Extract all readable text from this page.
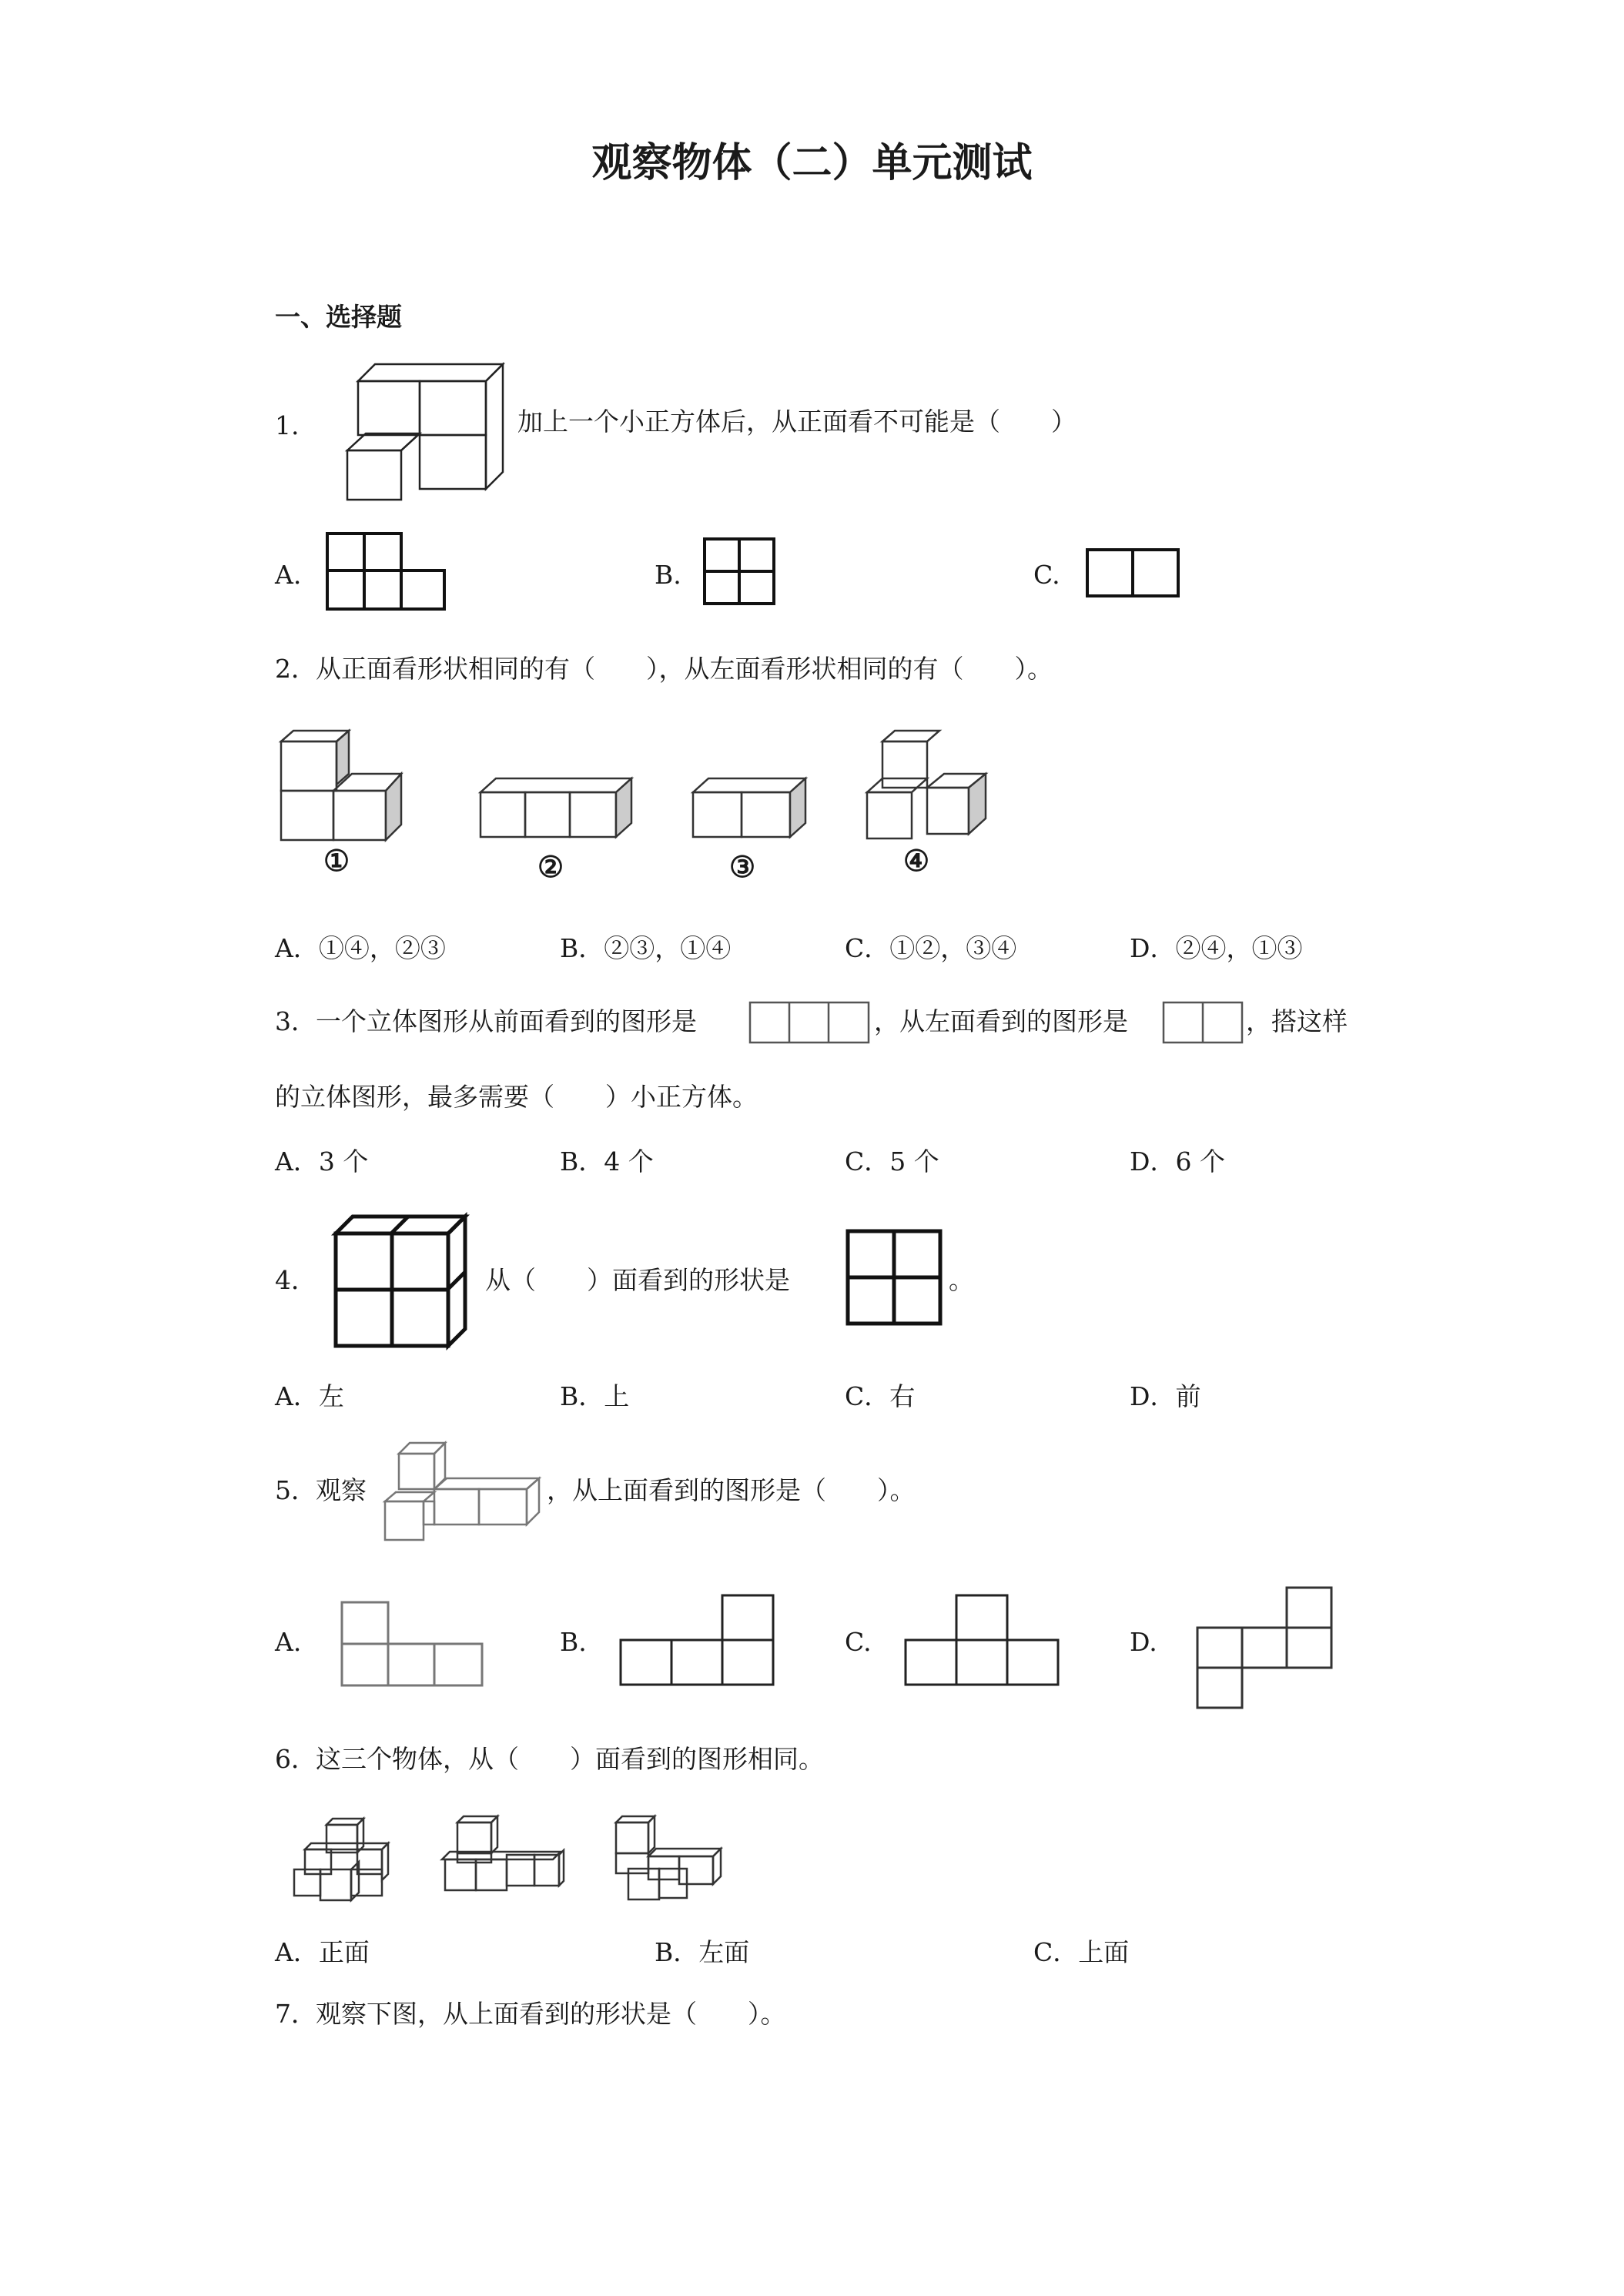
观察物体（二）单元测试
一、选择题
1.	加上一个小正方体后，从正面看不可能是（　　）
A.	B.	C.
2． 从正面看形状相同的有（　　），从左面看形状相同的有（　　）。
①	②	③	④
A．①④，②③	B．②③，①④	C．①②，③④	D．②④，①③
3． 一个立体图形从前面看到的图形是	，从左面看到的图形是	，搭这样
的立体图形，最多需要（　　）小正方体。
A．3 个	B．4 个	C．5 个	D．6 个
4．	从（　　）面看到的形状是	。
A．左	B．上	C．右	D．前
5． 观察	，从上面看到的图形是（　　）。
A.	B.	C.	D.
6． 这三个物体，从（　　）面看到的图形相同。
A．正面	B．左面	C．上面
7． 观察下图，从上面看到的形状是（　　）。
